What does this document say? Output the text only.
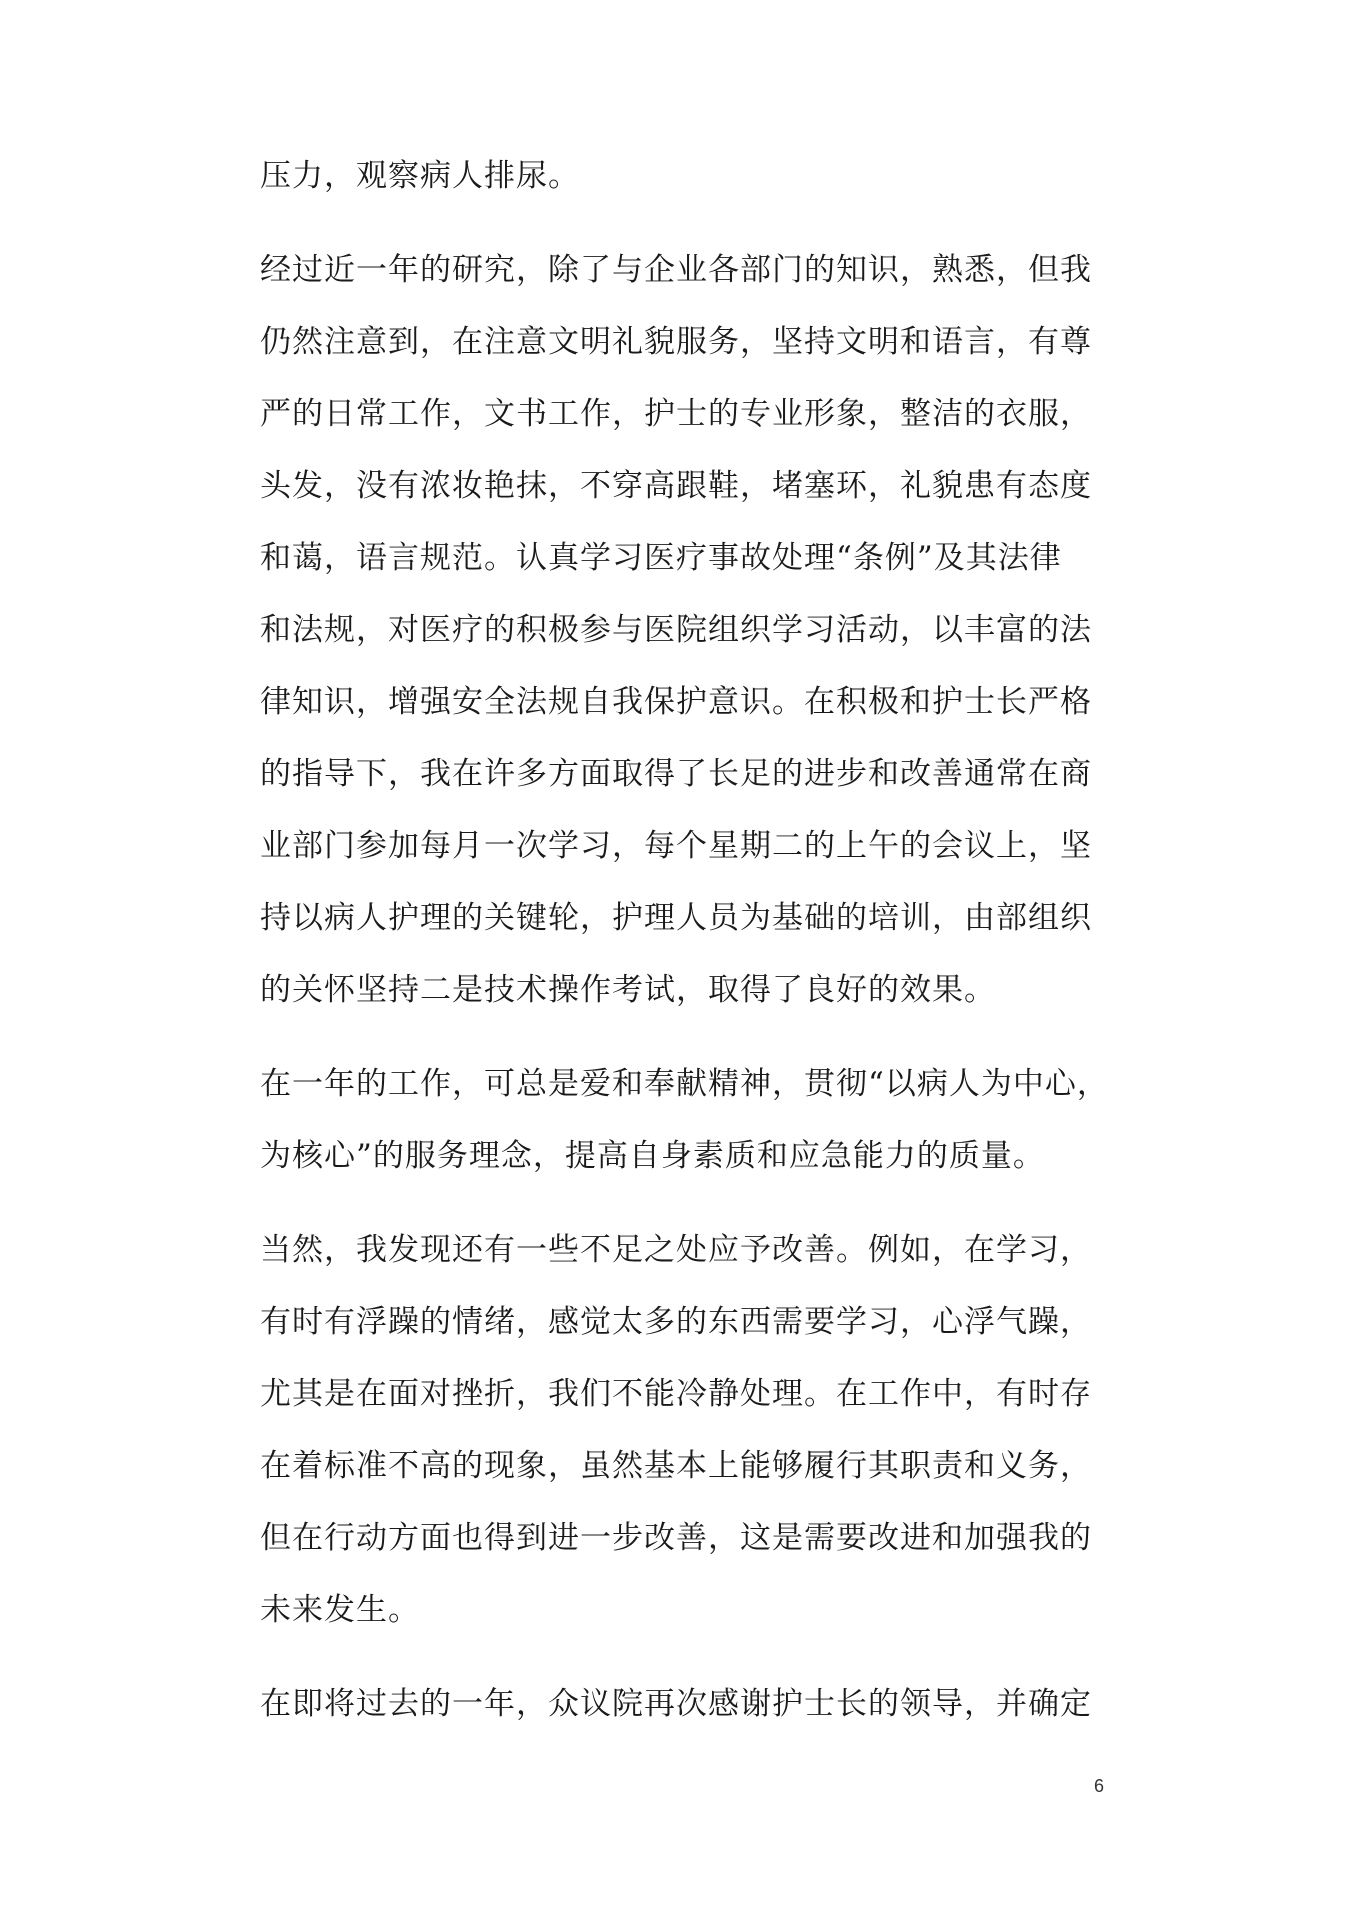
压力，观察病人排尿。
经过近一年的研究，除了与企业各部门的知识，熟悉，但我
仍然注意到，在注意文明礼貌服务，坚持文明和语言，有尊
严的日常工作，文书工作，护士的专业形象，整洁的衣服，
头发，没有浓妆艳抹，不穿高跟鞋，堵塞环，礼貌患有态度
和蔼，语言规范。认真学习医疗事故处理“条例”及其法律
和法规，对医疗的积极参与医院组织学习活动，以丰富的法
律知识，增强安全法规自我保护意识。在积极和护士长严格
的指导下，我在许多方面取得了长足的进步和改善通常在商
业部门参加每月一次学习，每个星期二的上午的会议上，坚
持以病人护理的关键轮，护理人员为基础的培训，由部组织
的关怀坚持二是技术操作考试，取得了良好的效果。
在一年的工作，可总是爱和奉献精神，贯彻“以病人为中心，
为核心”的服务理念，提高自身素质和应急能力的质量。
当然，我发现还有一些不足之处应予改善。例如，在学习，
有时有浮躁的情绪，感觉太多的东西需要学习，心浮气躁，
尤其是在面对挫折，我们不能冷静处理。在工作中，有时存
在着标准不高的现象，虽然基本上能够履行其职责和义务，
但在行动方面也得到进一步改善，这是需要改进和加强我的
未来发生。
在即将过去的一年，众议院再次感谢护士长的领导，并确定
6
